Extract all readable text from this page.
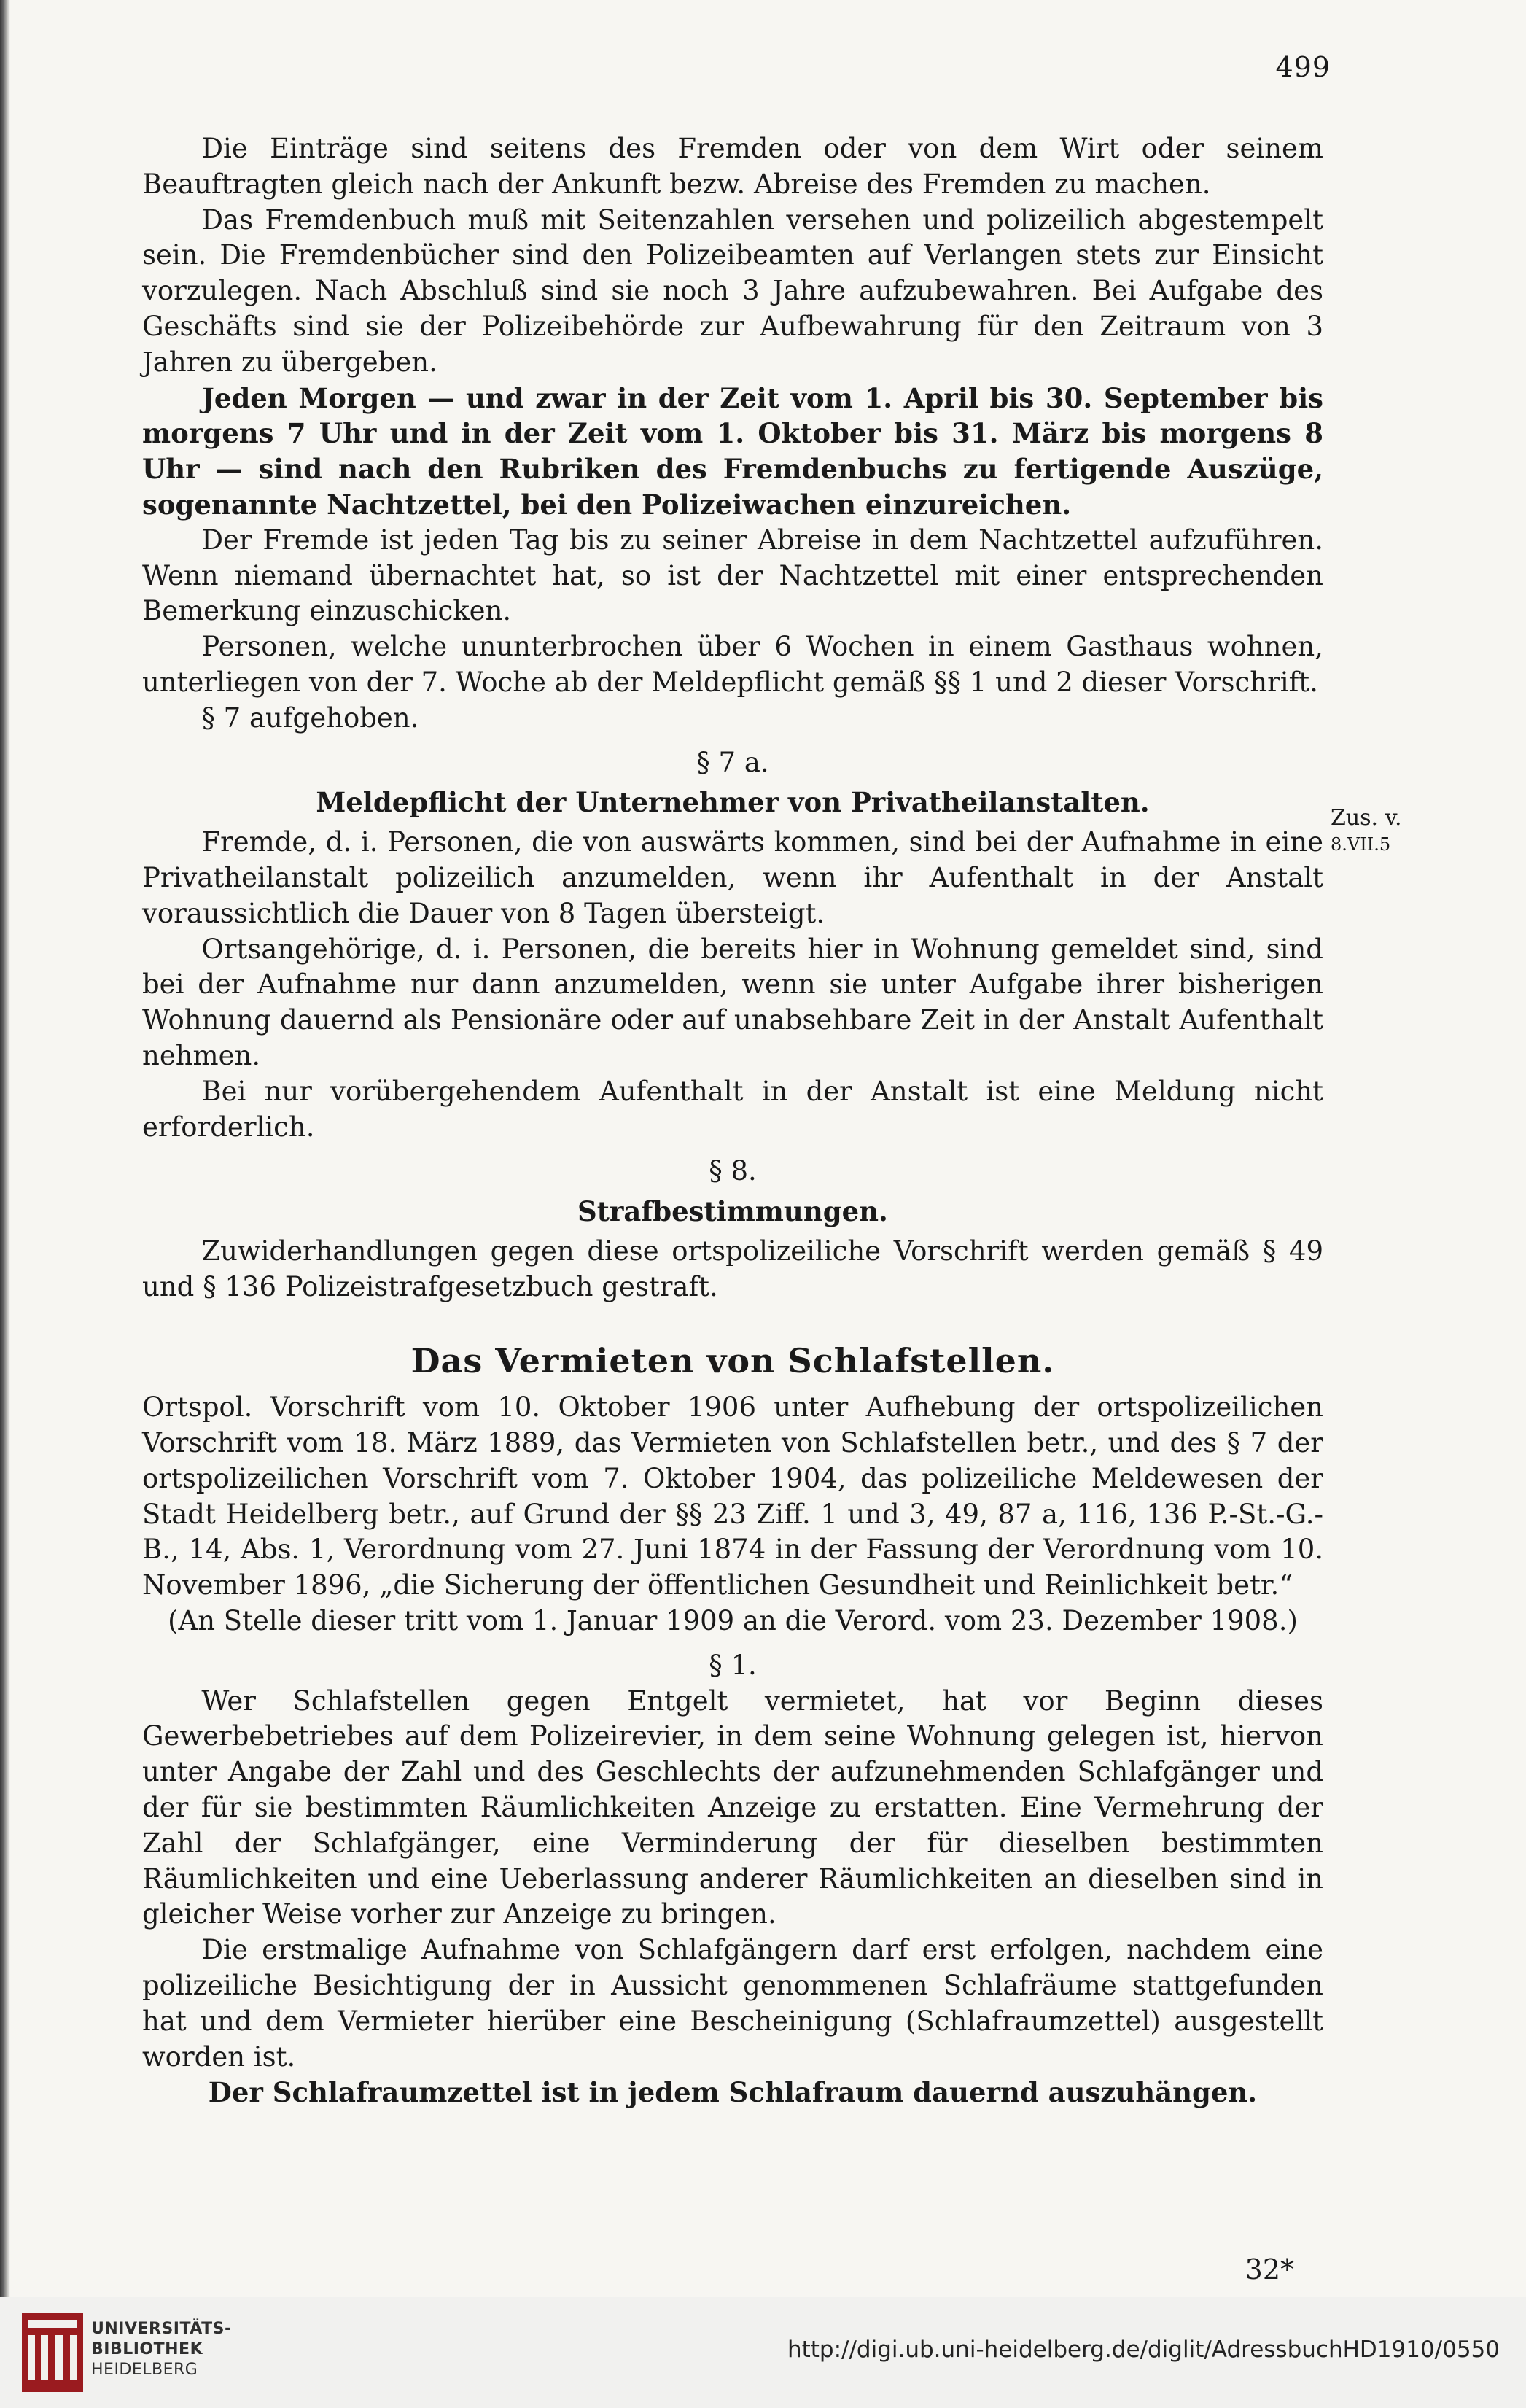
499

Die Einträge sind seitens des Fremden oder von dem Wirt oder seinem Beauftragten gleich nach der Ankunft bezw. Abreise des Fremden zu machen.

Das Fremdenbuch muß mit Seitenzahlen versehen und polizeilich abgestempelt sein. Die Fremdenbücher sind den Polizeibeamten auf Verlangen stets zur Einsicht vorzulegen. Nach Abschluß sind sie noch 3 Jahre aufzubewahren. Bei Aufgabe des Geschäfts sind sie der Polizeibehörde zur Aufbewahrung für den Zeitraum von 3 Jahren zu übergeben.

Jeden Morgen — und zwar in der Zeit vom 1. April bis 30. September bis morgens 7 Uhr und in der Zeit vom 1. Oktober bis 31. März bis morgens 8 Uhr — sind nach den Rubriken des Fremdenbuchs zu fertigende Auszüge, sogenannte Nachtzettel, bei den Polizeiwachen einzureichen.

Der Fremde ist jeden Tag bis zu seiner Abreise in dem Nachtzettel aufzuführen. Wenn niemand übernachtet hat, so ist der Nachtzettel mit einer entsprechenden Bemerkung einzuschicken.

Personen, welche ununterbrochen über 6 Wochen in einem Gasthaus wohnen, unterliegen von der 7. Woche ab der Meldepflicht gemäß §§ 1 und 2 dieser Vorschrift.

§ 7 aufgehoben.

§ 7 a.

Meldepflicht der Unternehmer von Privatheilanstalten.

Fremde, d. i. Personen, die von auswärts kommen, sind bei der Aufnahme in eine Privatheilanstalt polizeilich anzumelden, wenn ihr Aufenthalt in der Anstalt voraussichtlich die Dauer von 8 Tagen übersteigt.

Ortsangehörige, d. i. Personen, die bereits hier in Wohnung gemeldet sind, sind bei der Aufnahme nur dann anzumelden, wenn sie unter Aufgabe ihrer bisherigen Wohnung dauernd als Pensionäre oder auf unabsehbare Zeit in der Anstalt Aufenthalt nehmen.

Bei nur vorübergehendem Aufenthalt in der Anstalt ist eine Meldung nicht erforderlich.

§ 8.

Strafbestimmungen.

Zuwiderhandlungen gegen diese ortspolizeiliche Vorschrift werden gemäß § 49 und § 136 Polizeistrafgesetzbuch gestraft.

Das Vermieten von Schlafstellen.

Ortspol. Vorschrift vom 10. Oktober 1906 unter Aufhebung der ortspolizeilichen Vorschrift vom 18. März 1889, das Vermieten von Schlafstellen betr., und des § 7 der ortspolizeilichen Vorschrift vom 7. Oktober 1904, das polizeiliche Meldewesen der Stadt Heidelberg betr., auf Grund der §§ 23 Ziff. 1 und 3, 49, 87 a, 116, 136 P.-St.-G.-B., 14, Abs. 1, Verordnung vom 27. Juni 1874 in der Fassung der Verordnung vom 10. November 1896, „die Sicherung der öffentlichen Gesundheit und Reinlichkeit betr.“

(An Stelle dieser tritt vom 1. Januar 1909 an die Verord. vom 23. Dezember 1908.)

§ 1.

Wer Schlafstellen gegen Entgelt vermietet, hat vor Beginn dieses Gewerbebetriebes auf dem Polizeirevier, in dem seine Wohnung gelegen ist, hiervon unter Angabe der Zahl und des Geschlechts der aufzunehmenden Schlafgänger und der für sie bestimmten Räumlichkeiten Anzeige zu erstatten. Eine Vermehrung der Zahl der Schlafgänger, eine Verminderung der für dieselben bestimmten Räumlichkeiten und eine Ueberlassung anderer Räumlichkeiten an dieselben sind in gleicher Weise vorher zur Anzeige zu bringen.

Die erstmalige Aufnahme von Schlafgängern darf erst erfolgen, nachdem eine polizeiliche Besichtigung der in Aussicht genommenen Schlafräume stattgefunden hat und dem Vermieter hierüber eine Bescheinigung (Schlafraumzettel) ausgestellt worden ist.

Der Schlafraumzettel ist in jedem Schlafraum dauernd auszuhängen.

Zus. v.
8.VII.5
32*
UNIVERSITÄTS-
BIBLIOTHEK
HEIDELBERG
http://digi.ub.uni-heidelberg.de/diglit/AdressbuchHD1910/0550
